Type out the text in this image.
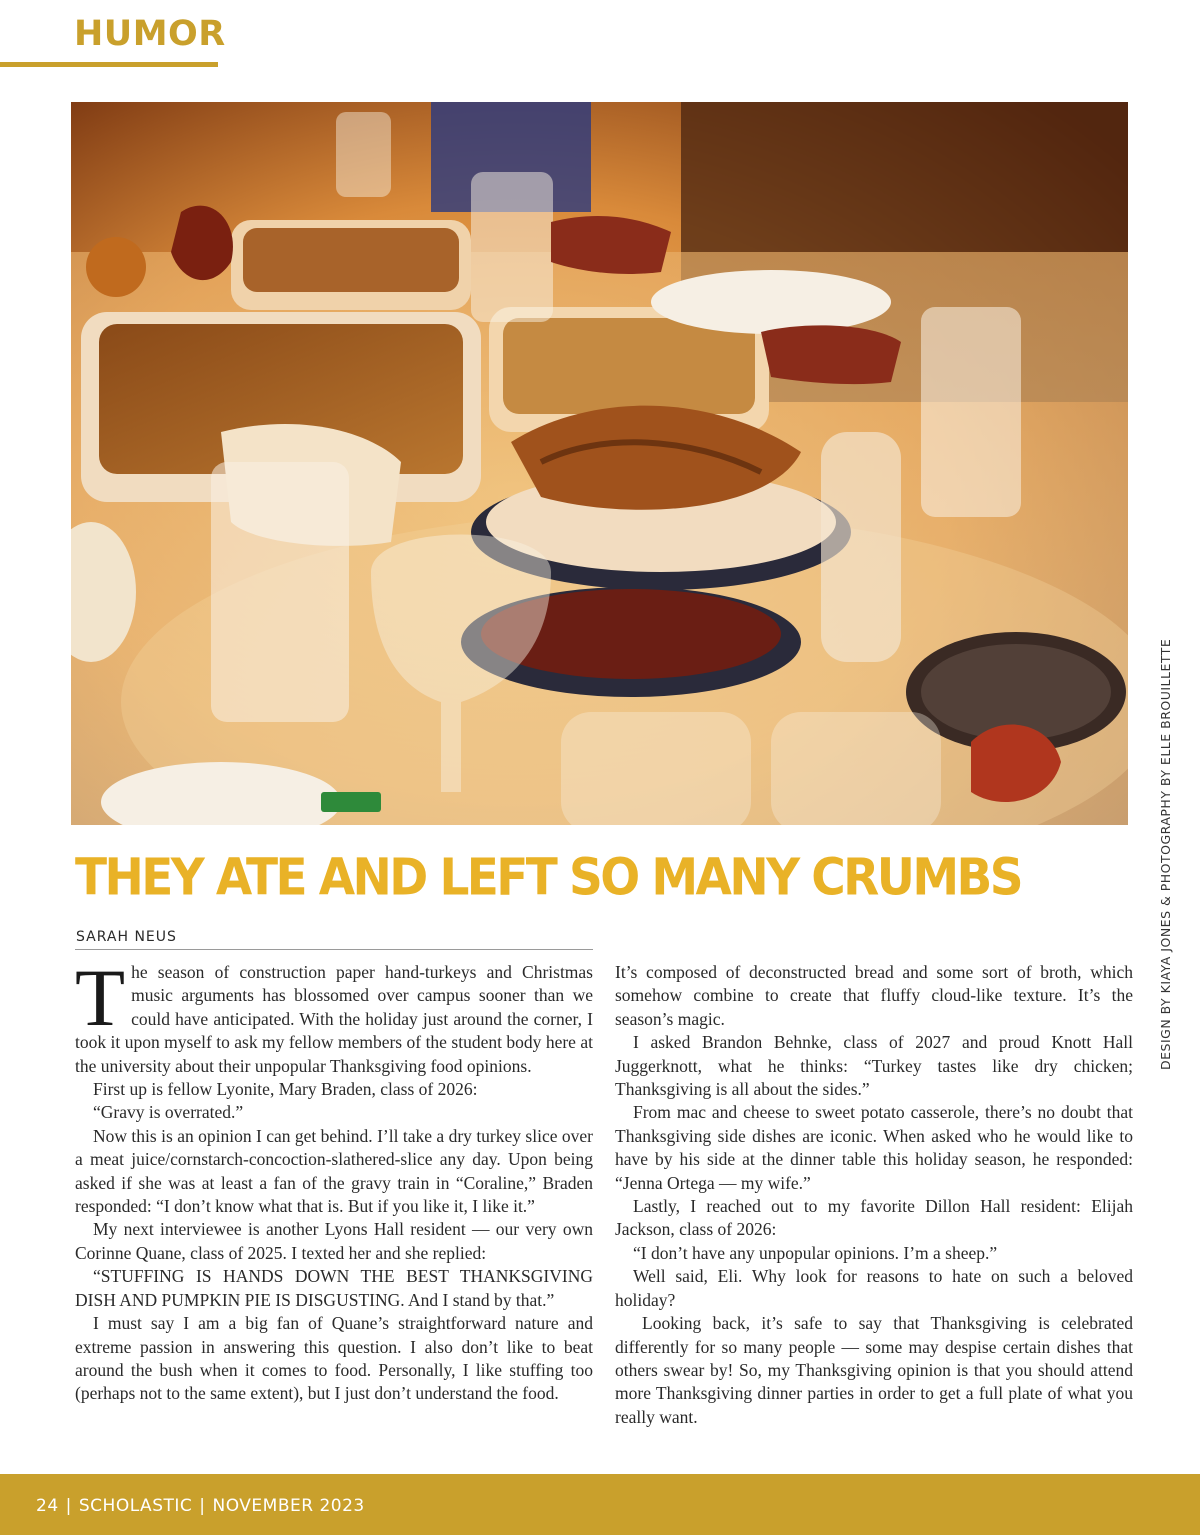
HUMOR
DESIGN BY KIAYA JONES & PHOTOGRAPHY BY ELLE BROUILLETTE
THEY ATE AND LEFT SO MANY CRUMBS
SARAH NEUS

The season of construction paper hand-turkeys and Christmas music arguments has blossomed over campus sooner than we could have anticipated. With the holiday just around the corner, I took it upon myself to ask my fellow members of the student body here at the university about their unpopular Thanksgiving food opinions.

First up is fellow Lyonite, Mary Braden, class of 2026:

“Gravy is overrated.”

Now this is an opinion I can get behind. I’ll take a dry turkey slice over a meat juice/cornstarch-concoction-slathered-slice any day. Upon being asked if she was at least a fan of the gravy train in “Coraline,” Braden responded: “I don’t know what that is. But if you like it, I like it.”

My next interviewee is another Lyons Hall resident — our very own Corinne Quane, class of 2025. I texted her and she replied:

“STUFFING IS HANDS DOWN THE BEST THANKSGIVING DISH AND PUMPKIN PIE IS DISGUSTING. And I stand by that.”

I must say I am a big fan of Quane’s straightforward nature and extreme passion in answering this question. I also don’t like to beat around the bush when it comes to food. Personally, I like stuffing too (perhaps not to the same extent), but I just don’t understand the food.

It’s composed of deconstructed bread and some sort of broth, which somehow combine to create that fluffy cloud-like texture. It’s the season’s magic.

I asked Brandon Behnke, class of 2027 and proud Knott Hall Juggerknott, what he thinks: “Turkey tastes like dry chicken; Thanksgiving is all about the sides.”

From mac and cheese to sweet potato casserole, there’s no doubt that Thanksgiving side dishes are iconic. When asked who he would like to have by his side at the dinner table this holiday season, he responded: “Jenna Ortega — my wife.”

Lastly, I reached out to my favorite Dillon Hall resident: Elijah Jackson, class of 2026:

“I don’t have any unpopular opinions. I’m a sheep.”

Well said, Eli. Why look for reasons to hate on such a beloved holiday?

Looking back, it’s safe to say that Thanksgiving is celebrated differently for so many people — some may despise certain dishes that others swear by! So, my Thanksgiving opinion is that you should attend more Thanksgiving dinner parties in order to get a full plate of what you really want.

24 | SCHOLASTIC | NOVEMBER 2023
